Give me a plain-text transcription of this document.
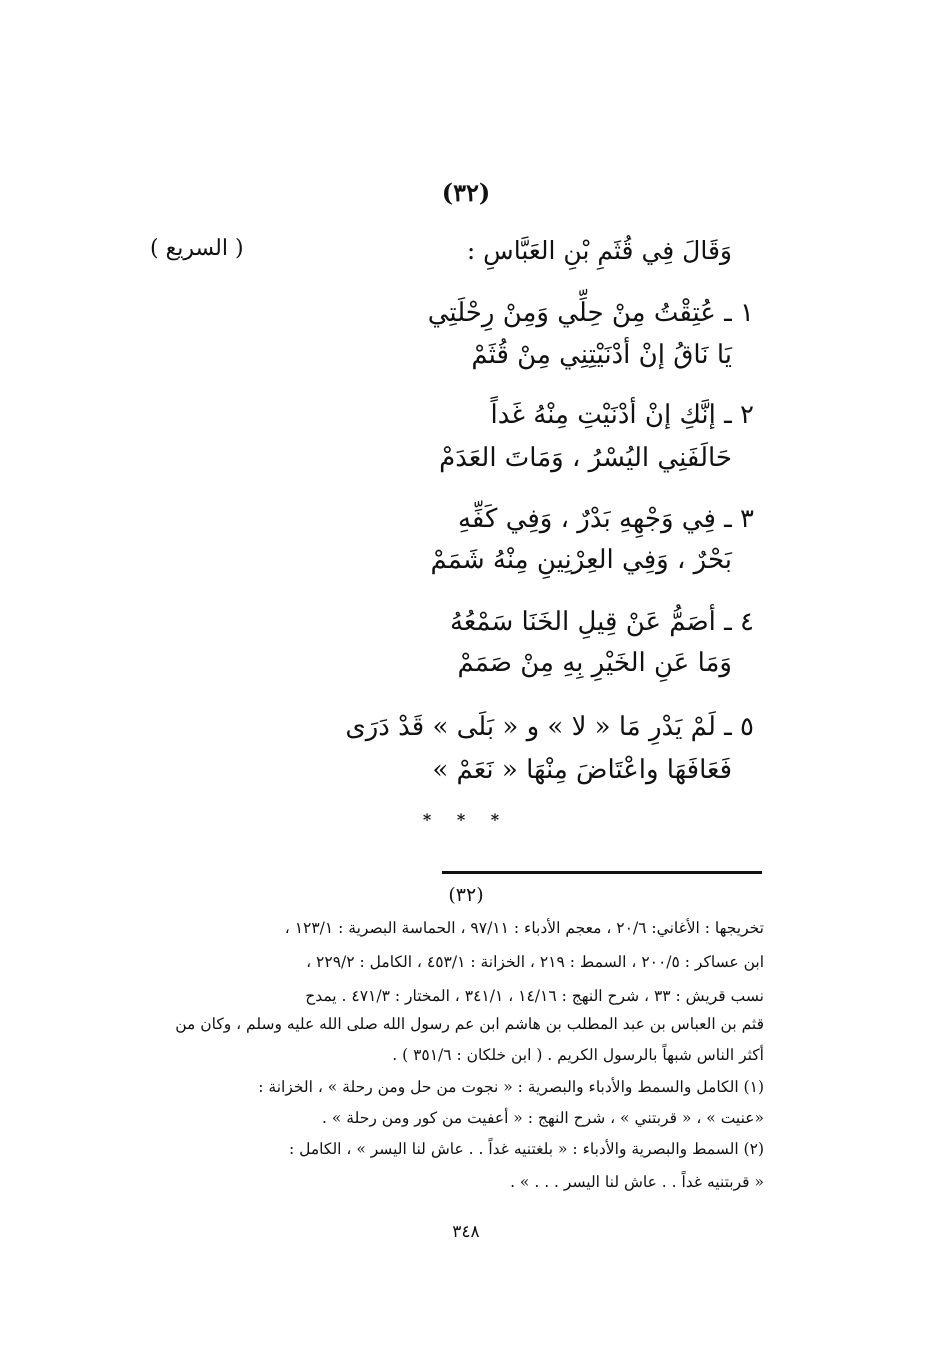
(٣٢)
وَقَالَ فِي قُثَمِ بْنِ العَبَّاسِ :
( السريع )
١ ـ عُتِقْتُ مِنْ حِلِّي وَمِنْ رِحْلَتِي
يَا نَاقُ إنْ أدْنَيْتِنِي مِنْ قُثَمْ
٢ ـ إنَّكِ إنْ أدْنَيْتِ مِنْهُ غَداً
حَالَفَنِي اليُسْرُ ، وَمَاتَ العَدَمْ
٣ ـ فِي وَجْهِهِ بَدْرٌ ، وَفِي كَفِّهِ
بَحْرٌ ، وَفِي العِرْنِينِ مِنْهُ شَمَمْ
٤ ـ أصَمُّ عَنْ قِيلِ الخَنَا سَمْعُهُ
وَمَا عَنِ الخَيْرِ بِهِ مِنْ صَمَمْ
٥ ـ لَمْ يَدْرِ مَا « لا » و « بَلَى » قَدْ دَرَى
فَعَافَهَا واعْتَاضَ مِنْهَا « نَعَمْ »
* * *
(٣٢)
تخريجها : الأغاني: ٢٠/٦ ، معجم الأدباء : ٩٧/١١ ، الحماسة البصرية : ١٢٣/١ ،
ابن عساكر : ٢٠٠/٥ ، السمط : ٢١٩ ، الخزانة : ٤٥٣/١ ، الكامل : ٢٢٩/٢ ،
نسب قريش : ٣٣ ، شرح النهج : ١٤/١٦ ، ٣٤١/١ ، المختار : ٤٧١/٣ . يمدح
قثم بن العباس بن عبد المطلب بن هاشم ابن عم رسول الله صلى الله عليه وسلم ، وكان من
أكثر الناس شبهاً بالرسول الكريم . ( ابن خلكان : ٣٥١/٦ ) .
(١) الكامل والسمط والأدباء والبصرية : « نجوت من حل ومن رحلة » ، الخزانة :
«عنيت » ، « قربتني » ، شرح النهج : « أعفيت من كور ومن رحلة » .
(٢) السمط والبصرية والأدباء : « بلغتنيه غداً . . عاش لنا اليسر » ، الكامل :
« قربتنيه غداً . . عاش لنا اليسر . . . » .
٣٤٨
